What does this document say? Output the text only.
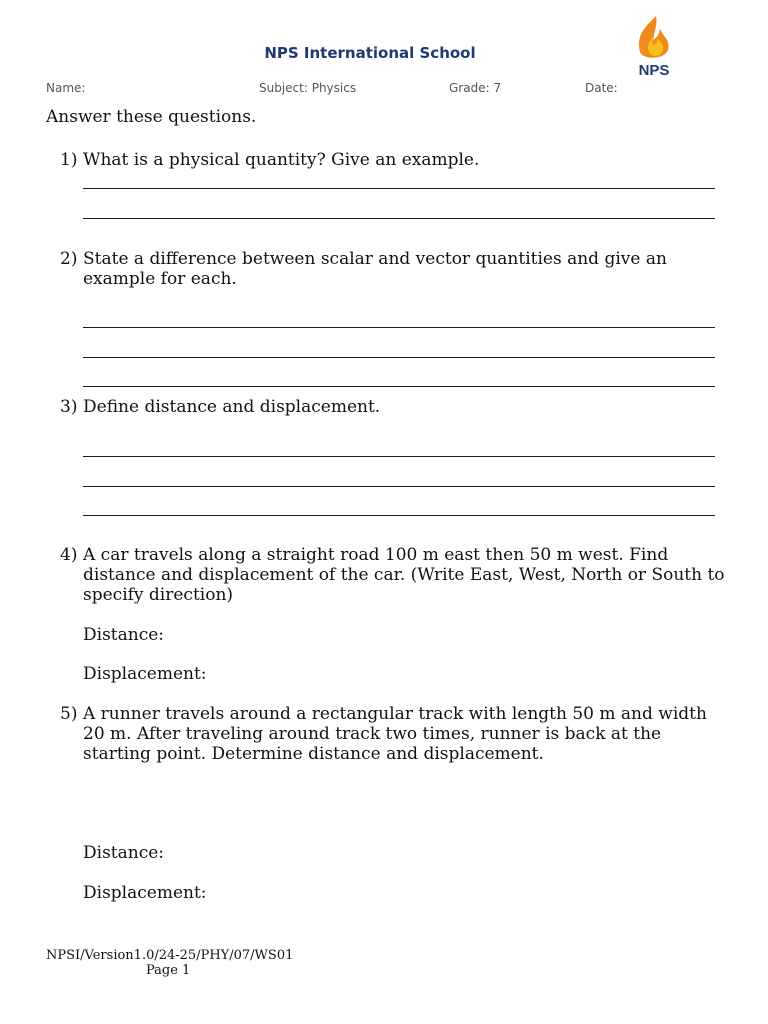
NPS International School
NPS
Name:	Subject: Physics	Grade: 7	Date:
Answer these questions.
1) What is a physical quantity? Give an example.
2) State a difference between scalar and vector quantities and give an example for each.
3) Define distance and displacement.
4) A car travels along a straight road 100 m east then 50 m west. Find distance and displacement of the car. (Write East, West, North or South to specify direction)
Distance:
Displacement:
5) A runner travels around a rectangular track with length 50 m and width 20 m. After traveling around track two times, runner is back at the starting point. Determine distance and displacement.
Distance:
Displacement:
NPSI/Version1.0/24-25/PHY/07/WS01
Page 1
